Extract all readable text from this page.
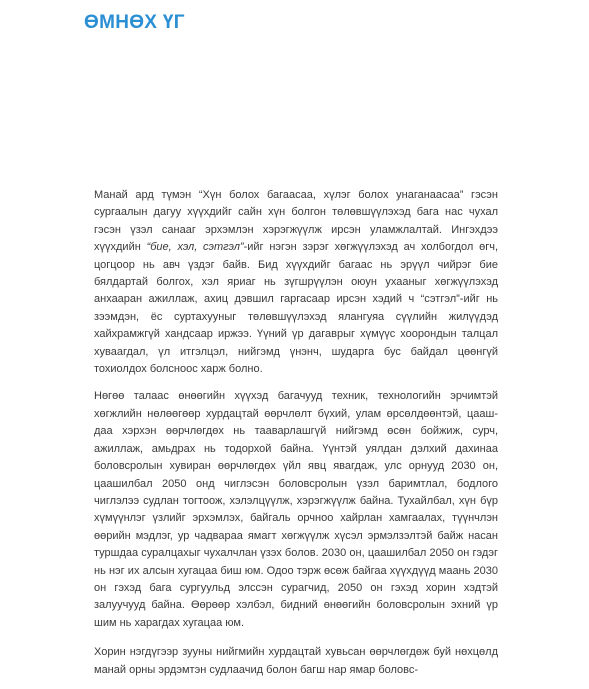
ӨМНӨХ ҮГ

Манай ард түмэн “Хүн болох багаасаа, хүлэг болох унаганаасаа” гэсэн сургаалын дагуу хүүхдийг сайн хүн болгон төлөвшүүлэхэд бага нас чухал гэсэн үзэл санааг эрхэмлэн хэрэгжүүлж ирсэн уламжлалтай. Ингэхдээ хүүхдийн “бие, хэл, сэтгэл”-ийг нэгэн зэрэг хөгжүүлэхэд ач холбогдол өгч, цогцоор нь авч үздэг байв. Бид хүүхдийг багаас нь эрүүл чийрэг бие бялдартай болгох, хэл яриаг нь зүгшрүүлэн оюун ухааныг хөгжүүлэхэд анхааран ажиллаж, ахиц дэвшил гаргасаар ирсэн хэдий ч “сэтгэл”-ийг нь зээмдэн, ёс суртахууныг төлөвшүүлэхэд ялангуяа сүүлийн жилүүдэд хайхрамжгүй хандсаар иржээ. Үүний үр дагаврыг хүмүүс хоорондын талцал хуваагдал, үл итгэлцэл, нийгэмд үнэнч, шударга бус байдал цөөнгүй тохиолдох болсноос харж болно.

Нөгөө талаас өнөөгийн хүүхэд багачууд техник, технологийн эрчимтэй хөгжлийн нөлөөгөөр хурдацтай өөрчлөлт бүхий, улам өрсөлдөөнтэй, цааш-даа хэрхэн өөрчлөгдөх нь тааварлашгүй нийгэмд өсөн бойжиж, сурч, ажиллаж, амьдрах нь тодорхой байна. Үүнтэй уялдан дэлхий дахинаа боловсролын хувиран өөрчлөгдөх үйл явц явагдаж, улс орнууд 2030 он, цаашилбал 2050 онд чиглэсэн боловсролын үзэл баримтлал, бодлого чиглэлээ судлан тогтоож, хэлэлцүүлж, хэрэгжүүлж байна. Тухайлбал, хүн бүр хүмүүнлэг үзлийг эрхэмлэх, байгаль орчноо хайрлан хамгаалах, түүнчлэн өөрийн мэдлэг, ур чадвараа ямагт хөгжүүлж хүсэл эрмэлзэлтэй байж насан туршдаа суралцахыг чухалчлан үзэх болов. 2030 он, цаашилбал 2050 он гэдэг нь нэг их алсын хугацаа биш юм. Одоо тэрж өсөж байгаа хүүхдүүд маань 2030 он гэхэд бага сургуульд элссэн сурагчид, 2050 он гэхэд хорин хэдтэй залуучууд байна. Өөрөөр хэлбэл, бидний өнөөгийн боловсролын эхний үр шим нь харагдах хугацаа юм.

Хорин нэгдүгээр зууны нийгмийн хурдацтай хувьсан өөрчлөгдөж буй нөхцөлд манай орны эрдэмтэн судлаачид болон багш нар ямар боловс-
